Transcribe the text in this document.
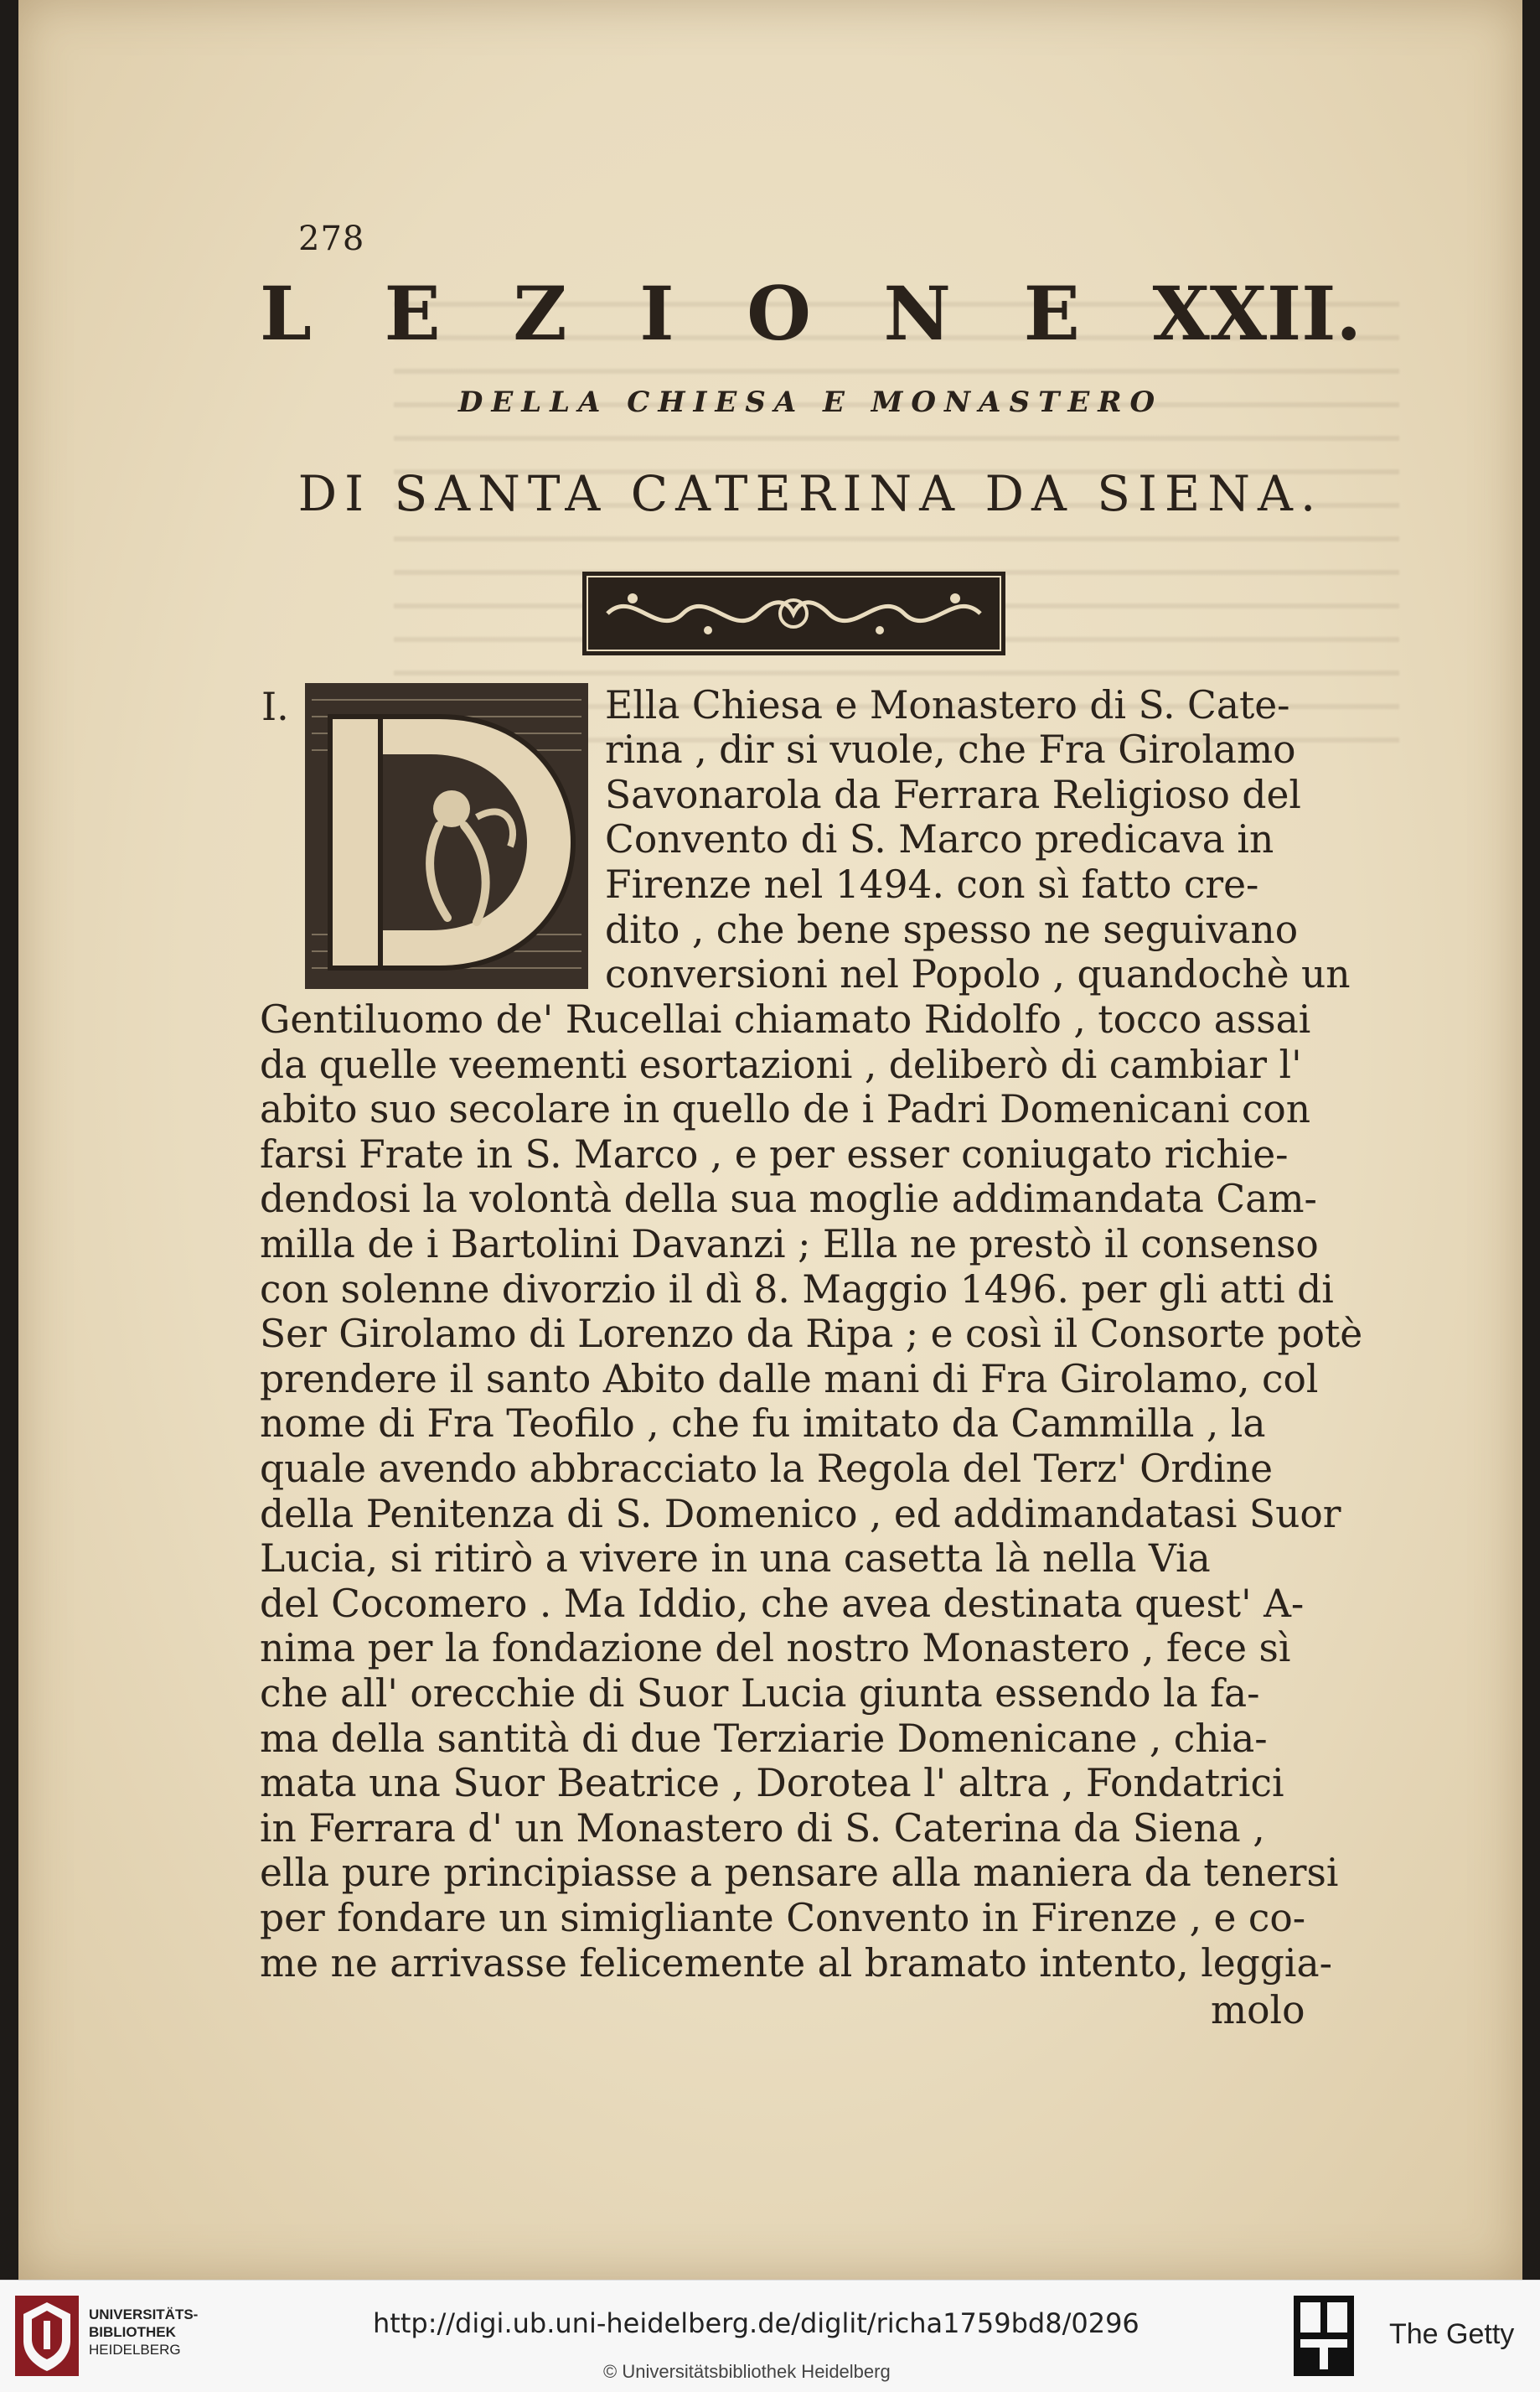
278
L E Z I O N E XXII.
DELLA CHIESA E MONASTERO
DI SANTA CATERINA DA SIENA.
I.	Ella Chiesa e Monastero di S. Cate-
rina , dir si vuole, che Fra Girolamo
Savonarola da Ferrara Religioso del
Convento di S. Marco predicava in
Firenze nel 1494. con sì fatto cre-
dito , che bene spesso ne seguivano
conversioni nel Popolo , quandochè un
Gentiluomo de' Rucellai chiamato Ridolfo , tocco assai
da quelle veementi esortazioni , deliberò di cambiar l'
abito suo secolare in quello de i Padri Domenicani con
farsi Frate in S. Marco , e per esser coniugato richie-
dendosi la volontà della sua moglie addimandata Cam-
milla de i Bartolini Davanzi ; Ella ne prestò il consenso
con solenne divorzio il dì 8. Maggio 1496. per gli atti di
Ser Girolamo di Lorenzo da Ripa ; e così il Consorte potè
prendere il santo Abito dalle mani di Fra Girolamo, col
nome di Fra Teofilo , che fu imitato da Cammilla , la
quale avendo abbracciato la Regola del Terz' Ordine
della Penitenza di S. Domenico , ed addimandatasi Suor
Lucia, si ritirò a vivere in una casetta là nella Via
del Cocomero . Ma Iddio, che avea destinata quest' A-
nima per la fondazione del nostro Monastero , fece sì
che all' orecchie di Suor Lucia giunta essendo la fa-
ma della santità di due Terziarie Domenicane , chia-
mata una Suor Beatrice , Dorotea l' altra , Fondatrici
in Ferrara d' un Monastero di S. Caterina da Siena ,
ella pure principiasse a pensare alla maniera da tenersi
per fondare un simigliante Convento in Firenze , e co-
me ne arrivasse felicemente al bramato intento, leggia-
molo
UNIVERSITÄTS-
BIBLIOTHEK
HEIDELBERG
http://digi.ub.uni-heidelberg.de/diglit/richa1759bd8/0296
© Universitätsbibliothek Heidelberg
The Getty
